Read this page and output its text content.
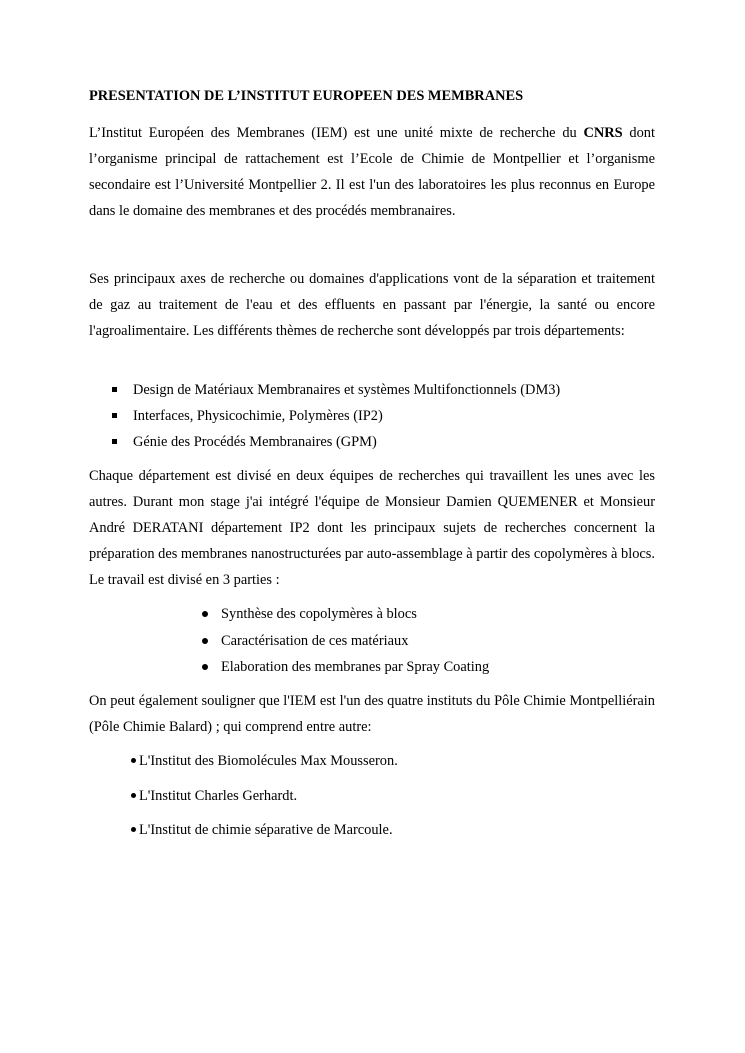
PRESENTATION DE L’INSTITUT EUROPEEN DES MEMBRANES

L’Institut Européen des Membranes (IEM) est une unité mixte de recherche du CNRS dont l’organisme principal de rattachement est l’Ecole de Chimie de Montpellier et l’organisme secondaire est l’Université Montpellier 2. Il est l'un des laboratoires les plus reconnus en Europe dans le domaine des membranes et des procédés membranaires.

Ses principaux axes de recherche ou domaines d'applications vont de la séparation et traitement de gaz au traitement de l'eau et des effluents en passant par l'énergie, la santé ou encore l'agroalimentaire. Les différents thèmes de recherche sont développés par trois départements:

Design de Matériaux Membranaires et systèmes Multifonctionnels (DM3)
Interfaces, Physicochimie, Polymères (IP2)
Génie des Procédés Membranaires (GPM)

Chaque département est divisé en deux équipes de recherches qui travaillent les unes avec les autres. Durant mon stage j'ai intégré l'équipe de Monsieur Damien QUEMENER et Monsieur André DERATANI département IP2 dont les principaux sujets de recherches concernent la préparation des membranes nanostructurées par auto-assemblage à partir des copolymères à blocs. Le travail est divisé en 3 parties :

Synthèse des copolymères à blocs
Caractérisation de ces matériaux
Elaboration des membranes par Spray Coating

On peut également souligner que l'IEM est l'un des quatre instituts du Pôle Chimie Montpelliérain (Pôle Chimie Balard) ; qui comprend entre autre:

L'Institut des Biomolécules Max Mousseron.
L'Institut Charles Gerhardt.
L'Institut de chimie séparative de Marcoule.
